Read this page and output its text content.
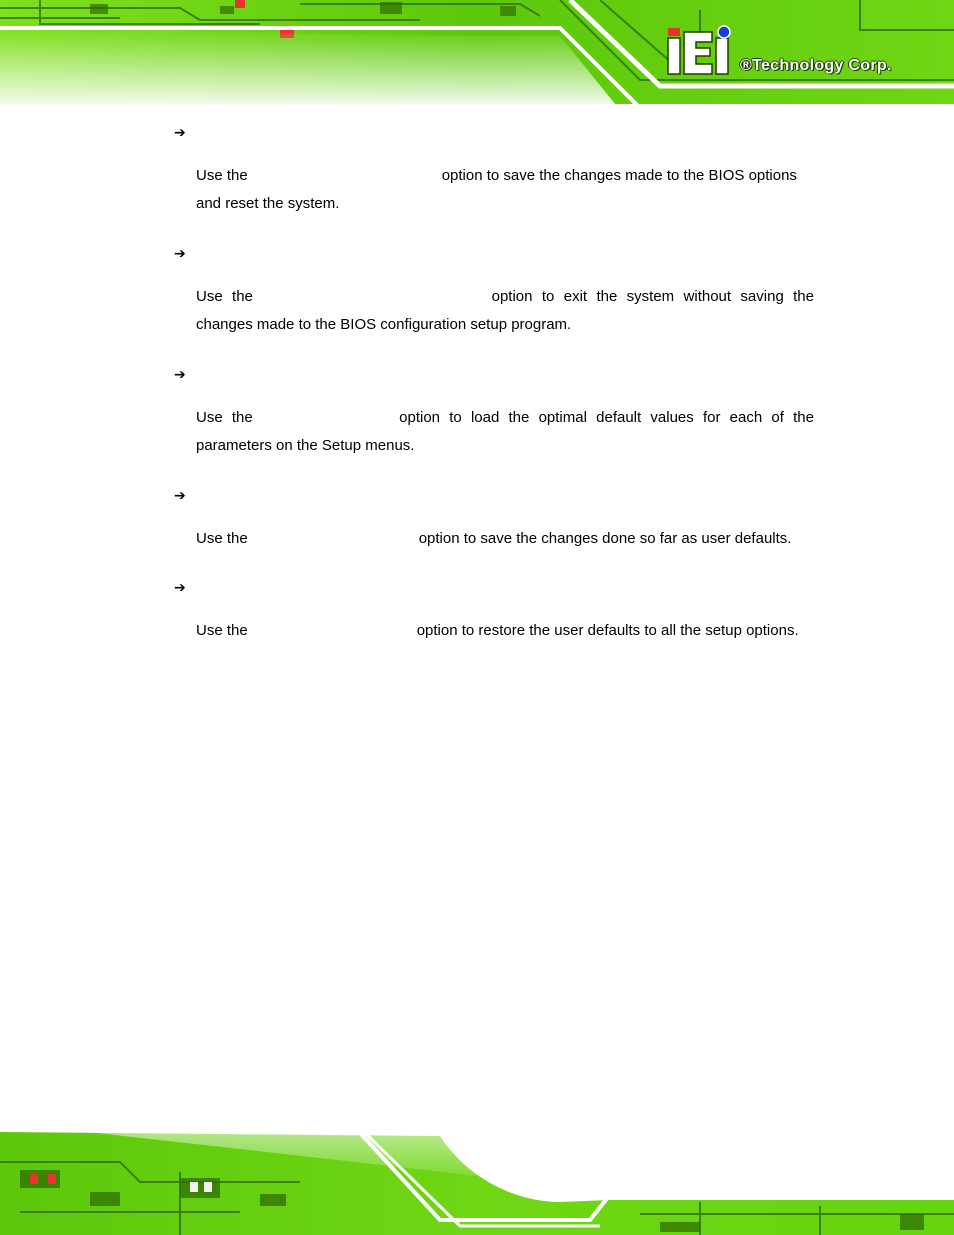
®Technology Corp.
➔
Use the	option to save the changes made to the BIOS options
and reset the system.
➔
Use the	option to exit the system without saving the
changes made to the BIOS configuration setup program.
➔
Use the	option to load the optimal default values for each of the
parameters on the Setup menus.
➔
Use the	option to save the changes done so far as user defaults.
➔
Use the	option to restore the user defaults to all the setup options.
